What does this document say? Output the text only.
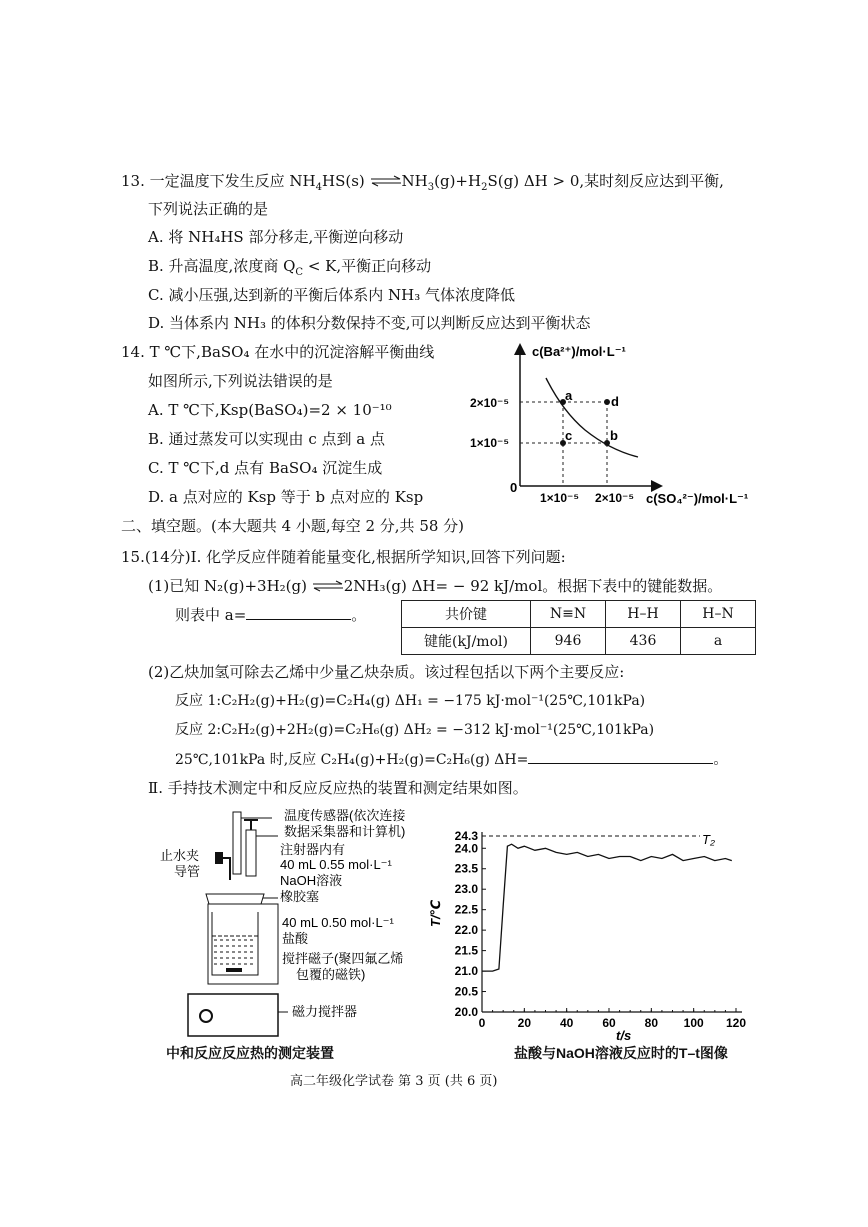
13. 一定温度下发生反应 $NH_4HS(s)$ $\rightleftharpoons NH_3(g)+H_2S(g) \Delta H > 0$,某时刻反应达到平衡,
下列说法正确的是
A. 将 NH₄HS 部分移走,平衡逆向移动
B. 升高温度,浓度商 $Q_C < K$,平衡正向移动
C. 减小压强,达到新的平衡后体系内 NH₃ 气体浓度降低
D. 当体系内 NH₃ 的体积分数保持不变,可以判断反应达到平衡状态
14. T ℃下,BaSO₄ 在水中的沉淀溶解平衡曲线
如图所示,下列说法错误的是
A. T ℃下,Ksp(BaSO₄)=2 × 10⁻¹⁰
B. 通过蒸发可以实现由 c 点到 a 点
C. T ℃下,d 点有 BaSO₄ 沉淀生成
D. a 点对应的 Ksp 等于 b 点对应的 Ksp
c(Ba²⁺)/mol·L⁻¹
c(SO₄²⁻)/mol·L⁻¹
0
2×10⁻⁵
1×10⁻⁵
1×10⁻⁵ 2×10⁻⁵
a
b
c
d
二、填空题。(本大题共 4 小题,每空 2 分,共 58 分)
15.(14分)Ⅰ. 化学反应伴随着能量变化,根据所学知识,回答下列问题:
(1)已知 N₂(g)+3H₂(g) ⇌2NH₃(g) ΔH= − 92 kJ/mol。根据下表中的键能数据。
则表中 a=	。	共价键	N≡N	H–H	H–N
键能(kJ/mol)	946	436	a
(2)乙炔加氢可除去乙烯中少量乙炔杂质。该过程包括以下两个主要反应:
反应 1:C₂H₂(g)+H₂(g)=C₂H₄(g) ΔH₁ = −175 kJ·mol⁻¹(25℃,101kPa)
反应 2:C₂H₂(g)+2H₂(g)=C₂H₆(g) ΔH₂ = −312 kJ·mol⁻¹(25℃,101kPa)
25℃,101kPa 时,反应 C₂H₄(g)+H₂(g)=C₂H₆(g) ΔH=	。
Ⅱ. 手持技术测定中和反应反应热的装置和测定结果如图。
温度传感器(依次连接
数据采集器和计算机)
注射器内有
40 mL 0.55 mol·L⁻¹
NaOH溶液
橡胶塞
40 mL 0.50 mol·L⁻¹
盐酸
搅拌磁子(聚四氟乙烯
包覆的磁铁)
磁力搅拌器
止水夹
导管
中和反应反应热的测定装置
T/℃
t/s
20.0
20.5
21.0
21.5
22.0
22.5
23.0
23.5
24.0
24.3
0	20 40 60 80 100 120
T₂
盐酸与NaOH溶液反应时的T–t图像
高二年级化学试卷 第 3 页 (共 6 页)
